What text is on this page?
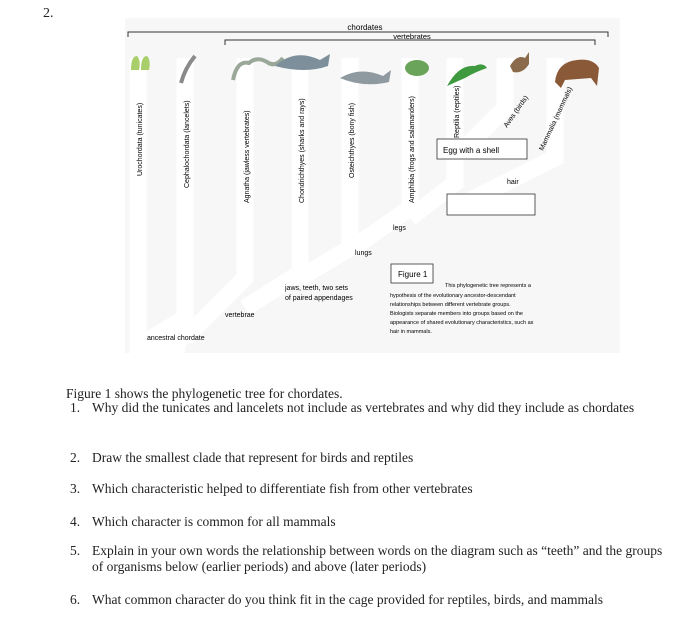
2.
chordates
vertebrates
Urochordata (tunicates)	Cephalochordata (lancelets)	Agnatha (jawless vertebrates)	Chondrichthyes (sharks and rays)	Osteichthyes (bony fish)	Amphibia (frogs and salamanders)	Reptilia (reptiles)	Aves (birds) Mammalia (mammals)
ancestral chordate
vertebrae
jaws, teeth, two sets
of paired appendages
lungs
legs
Egg with a shell
hair
Figure 1
This phylogenetic tree represents a
hypothesis of the evolutionary ancestor-descendant
relationships between different vertebrate groups.
Biologists separate members into groups based on the
appearance of shared evolutionary characteristics, such as
hair in mammals.
Figure 1 shows the phylogenetic tree for chordates.
1. Why did the tunicates and lancelets not include as vertebrates and why did they include as chordates
2. Draw the smallest clade that represent for birds and reptiles
3. Which characteristic helped to differentiate fish from other vertebrates
4. Which character is common for all mammals
5. Explain in your own words the relationship between words on the diagram such as “teeth” and the groups of organisms below (earlier periods) and above (later periods)
6. What common character do you think fit in the cage provided for reptiles, birds, and mammals
